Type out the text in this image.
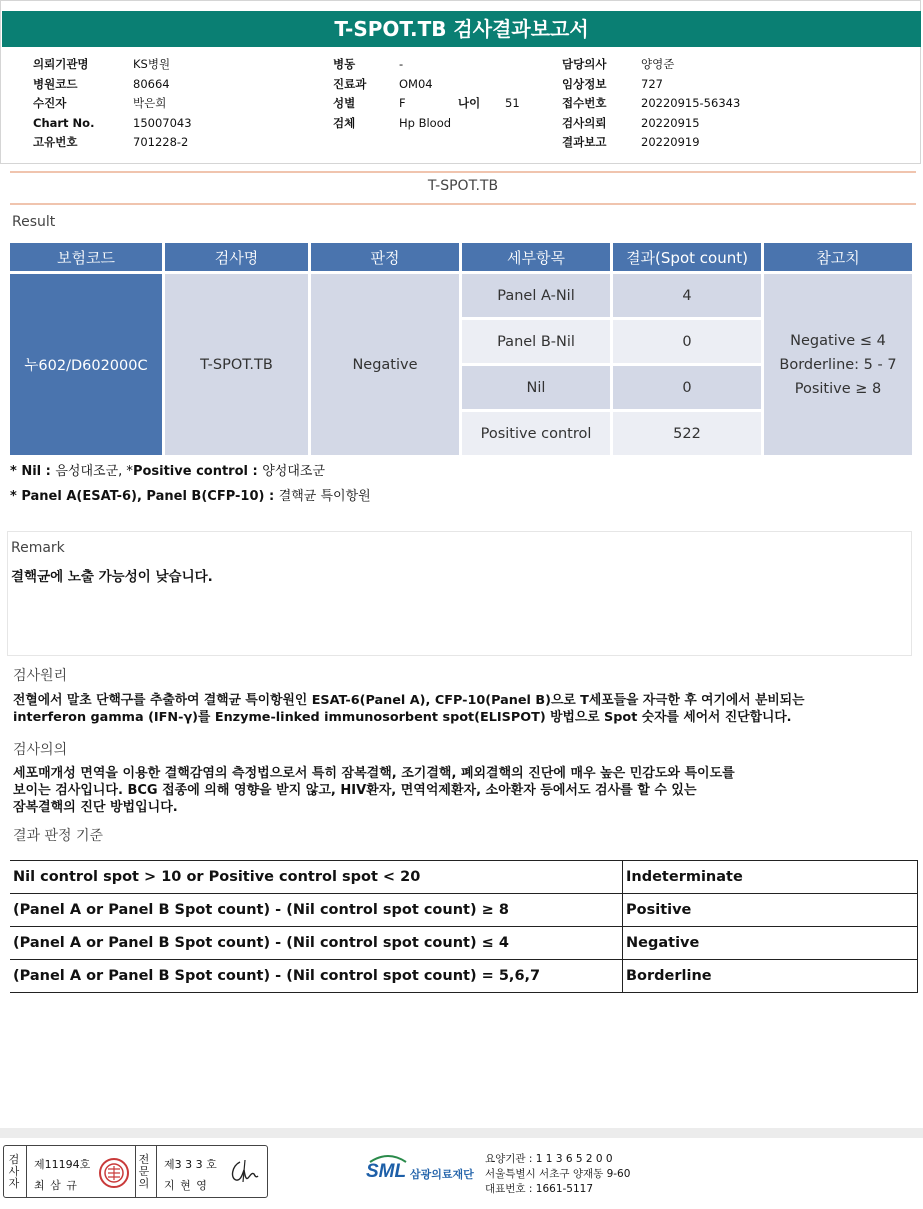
T-SPOT.TB 검사결과보고서
의뢰기관명	KS병원
병원코드	80664
수진자	박은희
Chart No.	15007043
고유번호	701228-2
병동	-
진료과	OM04
성별	F	나이 51
검체	Hp Blood
담당의사	양영준
임상정보	727
접수번호	20220915-56343
검사의뢰	20220915
결과보고	20220919
T-SPOT.TB
Result
보험코드	검사명	판정	세부항목	결과(Spot count)	참고치
누602/D602000C	T-SPOT.TB	Negative	Panel A-Nil	4	Negative ≤ 4
Borderline: 5 - 7
Positive ≥ 8

			Panel B-Nil	0	
			Nil	0	
			Positive control	522	
* Nil : 음성대조군, *Positive control : 양성대조군
* Panel A(ESAT-6), Panel B(CFP-10) : 결핵균 특이항원
Remark
결핵균에 노출 가능성이 낮습니다.
검사원리
전혈에서 말초 단핵구를 추출하여 결핵균 특이항원인 ESAT-6(Panel A), CFP-10(Panel B)으로 T세포들을 자극한 후 여기에서 분비되는
interferon gamma (IFN-γ)를 Enzyme-linked immunosorbent spot(ELISPOT) 방법으로 Spot 숫자를 세어서 진단합니다.
검사의의
세포매개성 면역을 이용한 결핵감염의 측정법으로서 특히 잠복결핵, 조기결핵, 폐외결핵의 진단에 매우 높은 민감도와 특이도를
보이는 검사입니다. BCG 접종에 의해 영향을 받지 않고, HIV환자, 면역억제환자, 소아환자 등에서도 검사를 할 수 있는
잠복결핵의 진단 방법입니다.
결과 판정 기준
Nil control spot > 10 or Positive control spot < 20	Indeterminate
(Panel A or Panel B Spot count) - (Nil control spot count) ≥ 8	Positive
(Panel A or Panel B Spot count) - (Nil control spot count) ≤ 4	Negative
(Panel A or Panel B Spot count) - (Nil control spot count) = 5,6,7	Borderline
검사자
제11194호
최 삼 규
전문의
제3 3 3 호
지 현 영
SML 삼광의료재단
요양기관 : 1 1 3 6 5 2 0 0
서울특별시 서초구 양재동 9-60
대표번호 : 1661-5117
